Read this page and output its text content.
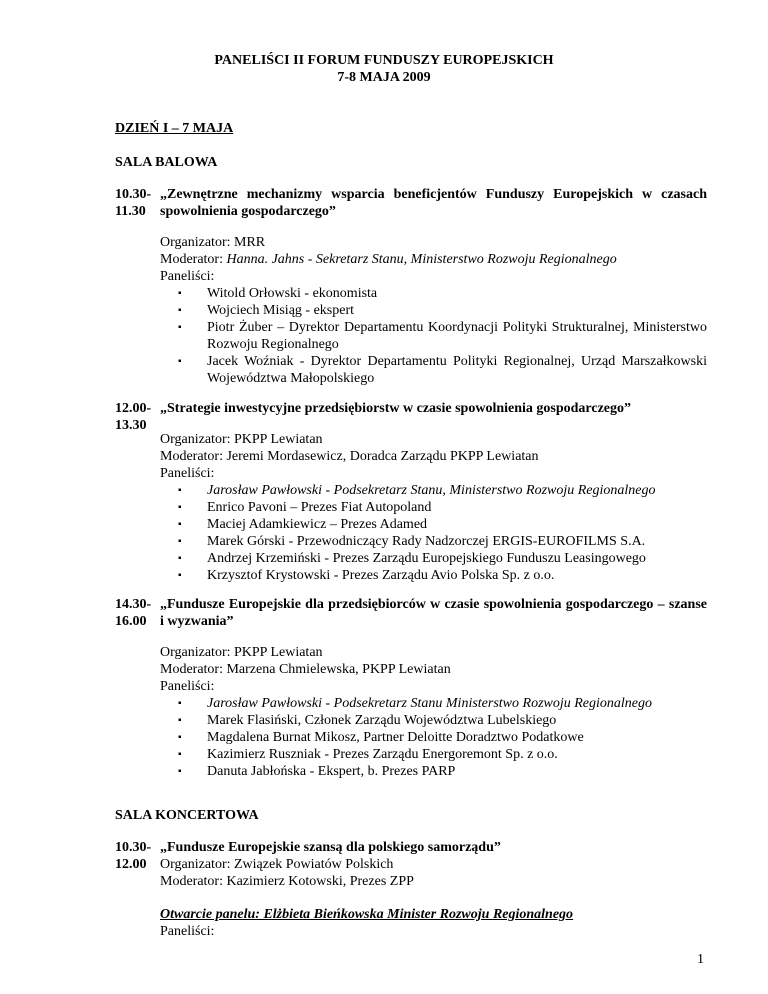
PANELIŚCI II FORUM FUNDUSZY EUROPEJSKICH
7-8 MAJA 2009
DZIEŃ I – 7 MAJA
SALA BALOWA
10.30-11.30
„Zewnętrzne mechanizmy wsparcia beneficjentów Funduszy Europejskich w czasach spowolnienia gospodarczego”
Organizator: MRR
Moderator: Hanna. Jahns - Sekretarz Stanu, Ministerstwo Rozwoju Regionalnego
Paneliści:
▪ Witold Orłowski - ekonomista
▪ Wojciech Misiąg - ekspert
▪ Piotr Żuber – Dyrektor Departamentu Koordynacji Polityki Strukturalnej, Ministerstwo Rozwoju Regionalnego
▪ Jacek Woźniak - Dyrektor Departamentu Polityki Regionalnej, Urząd Marszałkowski Województwa Małopolskiego
12.00-13.30
„Strategie inwestycyjne przedsiębiorstw w czasie spowolnienia gospodarczego”
Organizator: PKPP Lewiatan
Moderator: Jeremi Mordasewicz, Doradca Zarządu PKPP Lewiatan
Paneliści:
▪ Jarosław Pawłowski - Podsekretarz Stanu, Ministerstwo Rozwoju Regionalnego
▪ Enrico Pavoni – Prezes Fiat Autopoland
▪ Maciej Adamkiewicz – Prezes Adamed
▪ Marek Górski - Przewodniczący Rady Nadzorczej ERGIS-EUROFILMS S.A.
▪ Andrzej Krzemiński - Prezes Zarządu Europejskiego Funduszu Leasingowego
▪ Krzysztof Krystowski - Prezes Zarządu Avio Polska Sp. z o.o.
14.30-16.00
„Fundusze Europejskie dla przedsiębiorców w czasie spowolnienia gospodarczego – szanse i wyzwania”
Organizator: PKPP Lewiatan
Moderator: Marzena Chmielewska, PKPP Lewiatan
Paneliści:
▪ Jarosław Pawłowski - Podsekretarz Stanu Ministerstwo Rozwoju Regionalnego
▪ Marek Flasiński, Członek Zarządu Województwa Lubelskiego
▪ Magdalena Burnat Mikosz, Partner Deloitte Doradztwo Podatkowe
▪ Kazimierz Ruszniak - Prezes Zarządu Energoremont Sp. z o.o.
▪ Danuta Jabłońska - Ekspert, b. Prezes PARP
SALA KONCERTOWA
10.30-12.00
„Fundusze Europejskie szansą dla polskiego samorządu”
Organizator: Związek Powiatów Polskich
Moderator: Kazimierz Kotowski, Prezes ZPP
Otwarcie panelu: Elżbieta Bieńkowska Minister Rozwoju Regionalnego
Paneliści:
1
